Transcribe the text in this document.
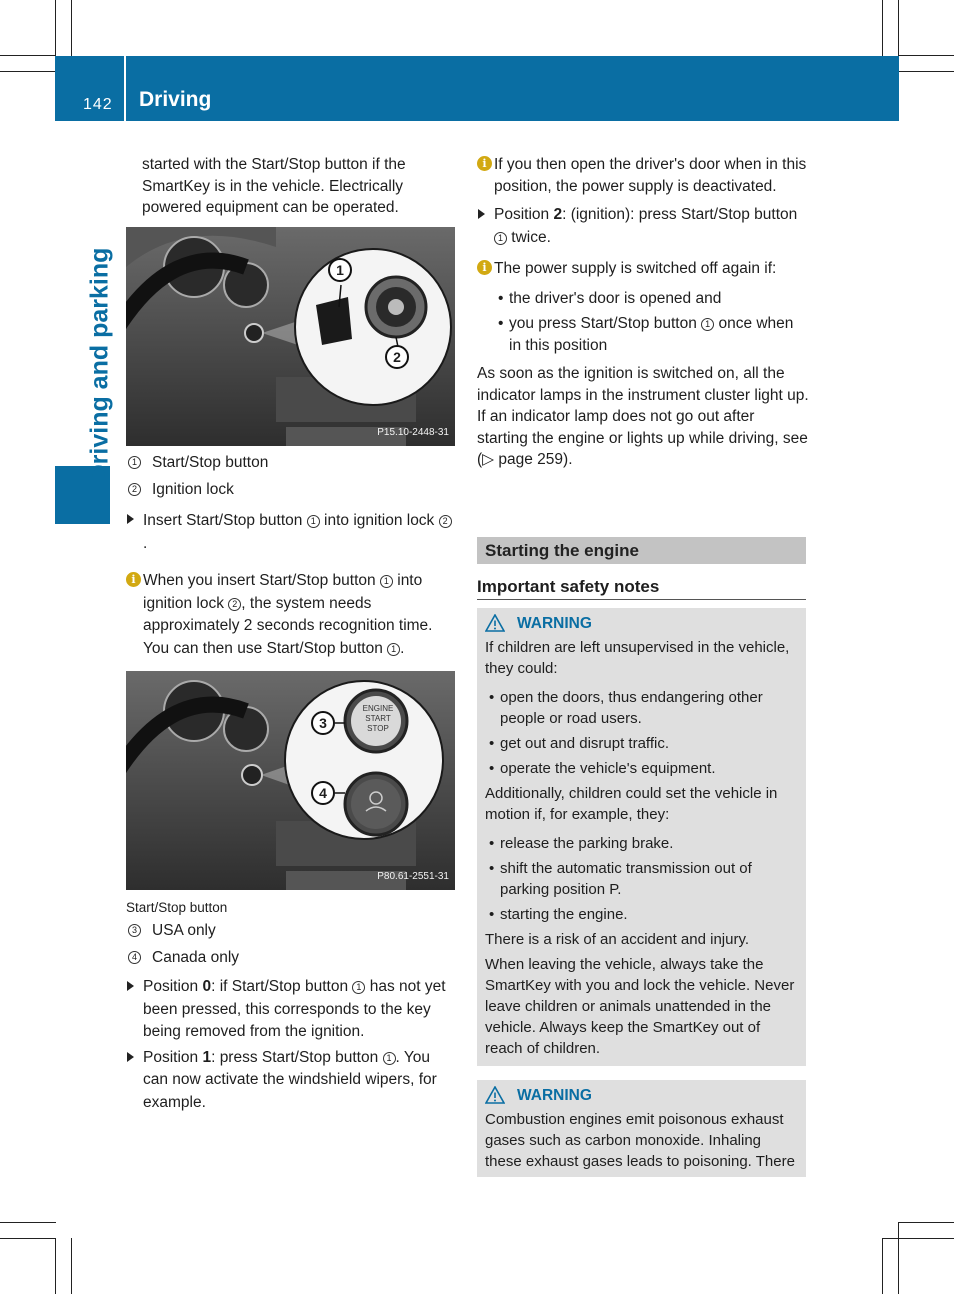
142 Driving
Driving and parking
started with the Start/Stop button if the SmartKey is in the vehicle. Electrically powered equipment can be operated.
1
2
P15.10-2448-31
1 Start/Stop button
2 Ignition lock
Insert Start/Stop button 1 into ignition lock 2.
i When you insert Start/Stop button 1 into ignition lock 2 , the system needs approximately 2 seconds recognition time. You can then use Start/Stop button 1 .
ENGINE
START
STOP
3
4
P80.61-2551-31
Start/Stop button
3 USA only
4 Canada only
Position 0: if Start/Stop button 1 has not yet been pressed, this corresponds to the key being removed from the ignition.
Position 1: press Start/Stop button 1 . You can now activate the windshield wipers, for example.
i If you then open the driver's door when in this position, the power supply is deactivated.
Position 2: (ignition): press Start/Stop button 1 twice.
i The power supply is switched off again if:
• the driver's door is opened and
• you press Start/Stop button 1 once when in this position
As soon as the ignition is switched on, all the indicator lamps in the instrument cluster light up. If an indicator lamp does not go out after starting the engine or lights up while driving, see (▷ page 259).
Starting the engine
Important safety notes
WARNING
If children are left unsupervised in the vehicle, they could:
• open the doors, thus endangering other people or road users.
• get out and disrupt traffic.
• operate the vehicle's equipment.
Additionally, children could set the vehicle in motion if, for example, they:
• release the parking brake.
• shift the automatic transmission out of parking position P.
• starting the engine.
There is a risk of an accident and injury.
When leaving the vehicle, always take the SmartKey with you and lock the vehicle. Never leave children or animals unattended in the vehicle. Always keep the SmartKey out of reach of children.
WARNING
Combustion engines emit poisonous exhaust gases such as carbon monoxide. Inhaling these exhaust gases leads to poisoning. There
